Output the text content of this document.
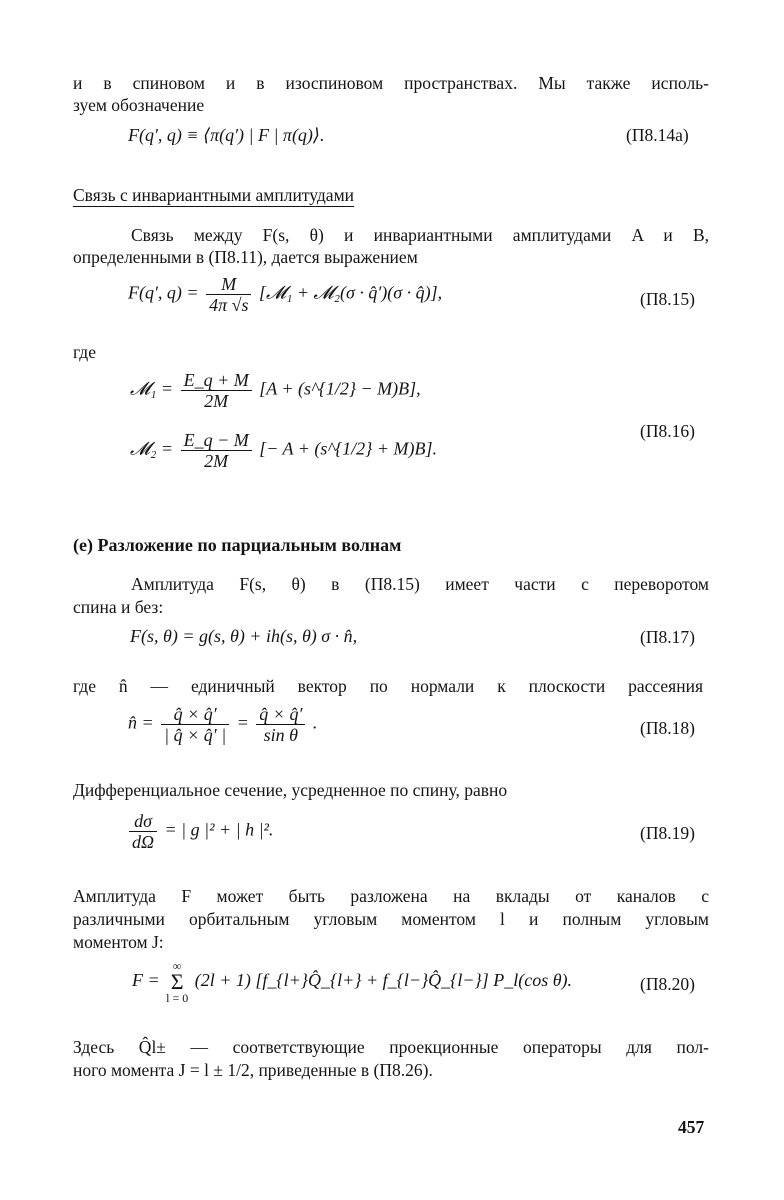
и в спиновом и в изоспиновом пространствах. Мы также исполь-
зуем обозначение
F(q′, q) ≡ ⟨π(q′) | F | π(q)⟩.	(П8.14а)
Связь с инвариантными амплитудами
Связь между F(s, θ) и инвариантными амплитудами A и B,
определенными в (П8.11), дается выражением
F(q′, $q) = \frac{M}{4\pi √s}$ [𝓜₁ + 𝓜₂(σ · q̂′)(σ · q̂)],	(П8.15)
где
𝓜₁ = $\frac{E\_q + M}{2M} [A$ + (s^{1/2} − M)B],
𝓜₂ = $\frac{E\_q - M}{2M}$ [− A + (s^{1/2} + M)B].
(П8.16)
(e) Разложение по парциальным волнам
Амплитуда F(s, θ) в (П8.15) имеет части с переворотом
спина и без:
F(s, θ) = g(s, θ) + ih(s, θ) σ · n̂,	(П8.17)
где n̂ — единичный вектор по нормали к плоскости рассеяния
n̂ = $\frac{q̂ \times q̂'}{| q̂ \times q̂' |} = \frac{q̂ \times q̂'}{\text{sin θ}}$ .	(П8.18)
Дифференциальное сечение, усредненное по спину, равно
$\frac{d\sigma}{d\Omega}$ = | g |² + | h |².	(П8.19)
Амплитуда F может быть разложена на вклады от каналов с
различными орбитальным угловым моментом l и полным угловым
моментом J:
F =
∞
Σ
l = 0
(2l + 1) [f_{l+}Q̂_{l+} + f_{l−}Q̂_{l−}] P_l(cos θ).	(П8.20)
Здесь Q̂l± — соответствующие проекционные операторы для пол-
ного момента J = l ± 1/2, приведенные в (П8.26).
457
